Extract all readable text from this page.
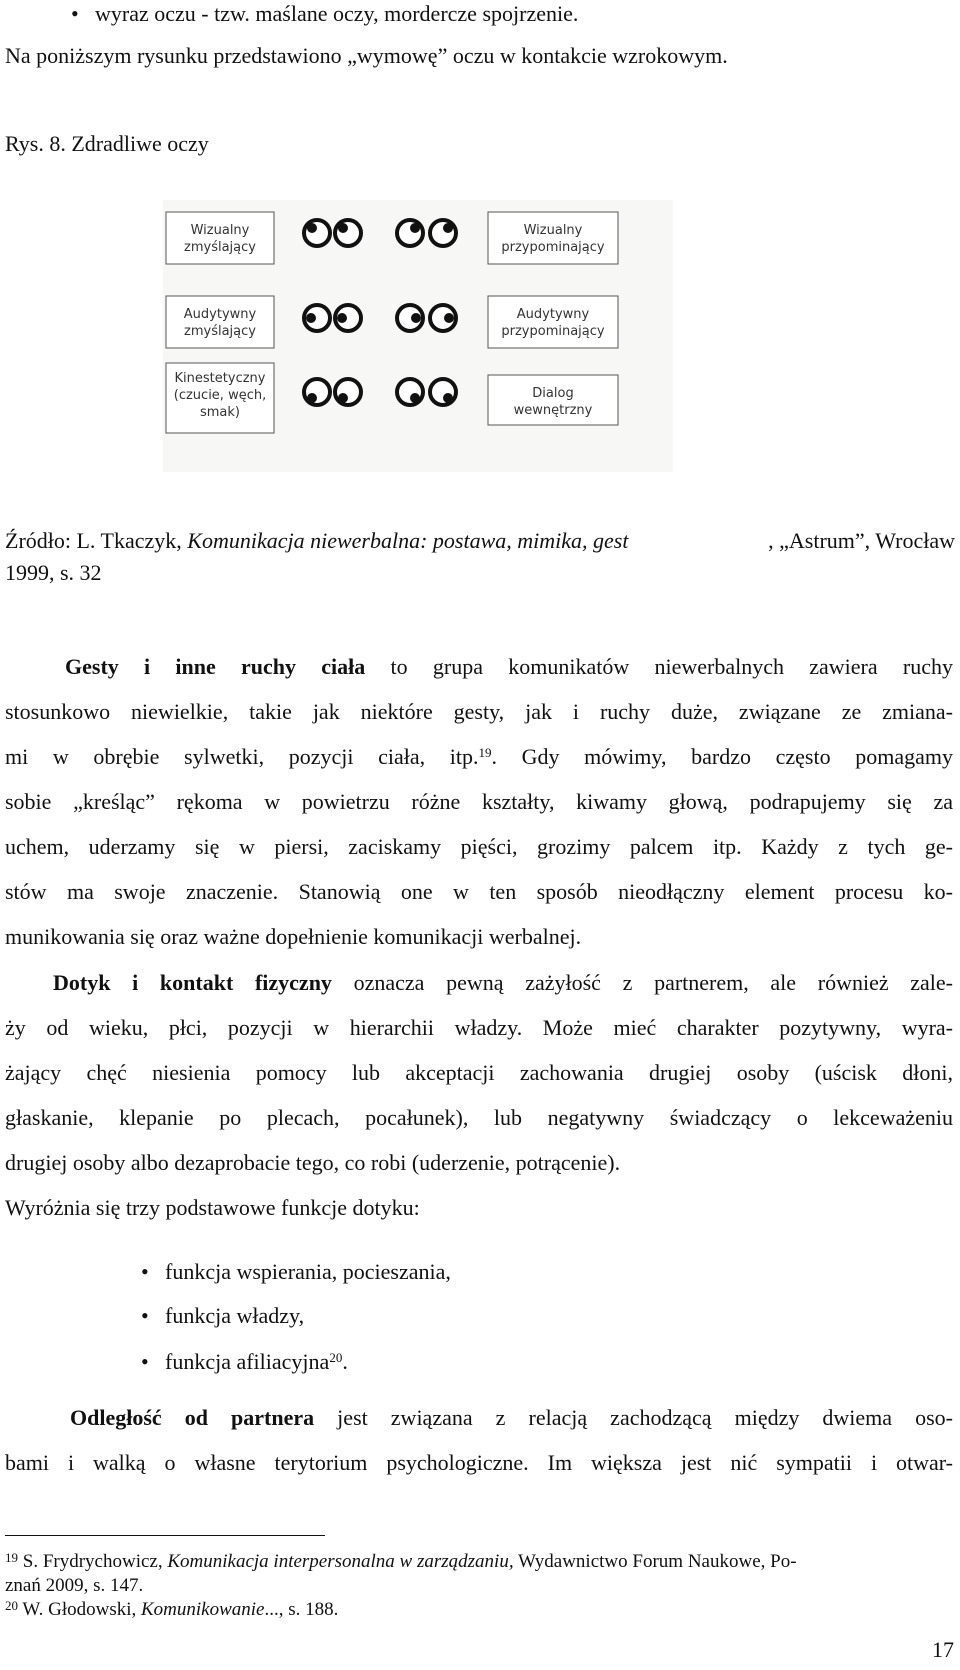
• wyraz oczu - tzw. maślane oczy, mordercze spojrzenie.
Na poniższym rysunku przedstawiono „wymowę” oczu w kontakcie wzrokowym.
Rys. 8. Zdradliwe oczy
Wizualny
zmyślający
Audytywny
zmyślający
Kinestetyczny
(czucie, węch,
smak)
Wizualny
przypominający
Audytywny
przypominający
Dialog
wewnętrzny
Źródło: L. Tkaczyk, Komunikacja niewerbalna: postawa, mimika, gest	, „Astrum”, Wrocław
1999, s. 32
Gesty i inne ruchy ciała to grupa komunikatów niewerbalnych zawiera ruchy
stosunkowo niewielkie, takie jak niektóre gesty, jak i ruchy duże, związane ze zmiana-
mi w obrębie sylwetki, pozycji ciała, itp.$^{19}$. Gdy mówimy, bardzo często pomagamy
sobie „kreśląc” rękoma w powietrzu różne kształty, kiwamy głową, podrapujemy się za
uchem, uderzamy się w piersi, zaciskamy pięści, grozimy palcem itp. Każdy z tych ge-
stów ma swoje znaczenie. Stanowią one w ten sposób nieodłączny element procesu ko-
munikowania się oraz ważne dopełnienie komunikacji werbalnej.
Dotyk i kontakt fizyczny oznacza pewną zażyłość z partnerem, ale również zale-
ży od wieku, płci, pozycji w hierarchii władzy. Może mieć charakter pozytywny, wyra-
żający chęć niesienia pomocy lub akceptacji zachowania drugiej osoby (uścisk dłoni,
głaskanie, klepanie po plecach, pocałunek), lub negatywny świadczący o lekceważeniu
drugiej osoby albo dezaprobacie tego, co robi (uderzenie, potrącenie).
Wyróżnia się trzy podstawowe funkcje dotyku:
• funkcja wspierania, pocieszania,
• funkcja władzy,
• funkcja afiliacyjna$^{20}$.
Odległość od partnera jest związana z relacją zachodzącą między dwiema oso-
bami i walką o własne terytorium psychologiczne. Im większa jest nić sympatii i otwar-
$^{19}$ S. Frydrychowicz, Komunikacja interpersonalna w zarządzaniu, Wydawnictwo Forum Naukowe, Po-
znań 2009, s. 147.
$^{20}$ W. Głodowski, Komunikowanie..., s. 188.
17
